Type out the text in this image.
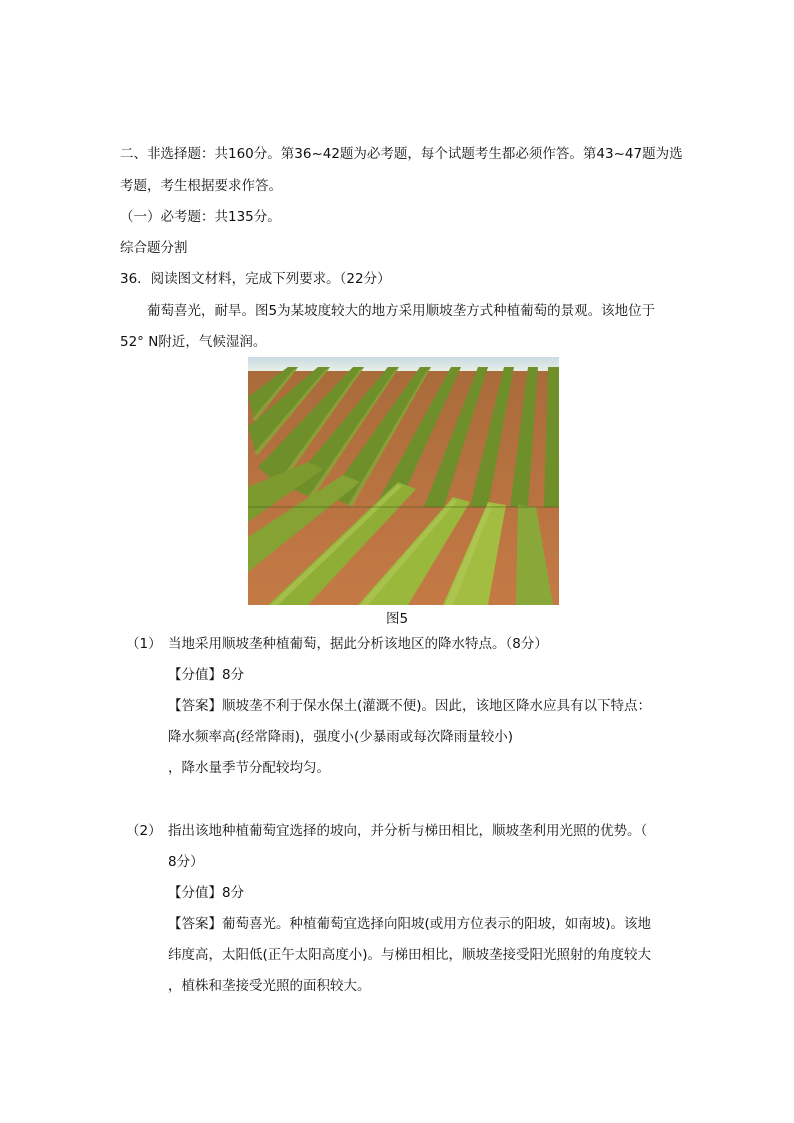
二、非选择题：共160分。第36~42题为必考题，每个试题考生都必须作答。第43~47题为选
考题，考生根据要求作答。
（一）必考题：共135分。
综合题分割
36．阅读图文材料，完成下列要求。（22分）
葡萄喜光，耐旱。图5为某坡度较大的地方采用顺坡垄方式种植葡萄的景观。该地位于
52° N附近，气候湿润。
图5
（1） 当地采用顺坡垄种植葡萄，据此分析该地区的降水特点。（8分）
【分值】8分
【答案】顺坡垄不利于保水保土(灌溉不便)。因此，该地区降水应具有以下特点：
降水频率高(经常降雨)，强度小(少暴雨或每次降雨量较小)
，降水量季节分配较均匀。
（2） 指出该地种植葡萄宜选择的坡向，并分析与梯田相比，顺坡垄利用光照的优势。（
8分）
【分值】8分
【答案】葡萄喜光。种植葡萄宜选择向阳坡(或用方位表示的阳坡，如南坡)。该地
纬度高，太阳低(正午太阳高度小)。与梯田相比，顺坡垄接受阳光照射的角度较大
，植株和垄接受光照的面积较大。
